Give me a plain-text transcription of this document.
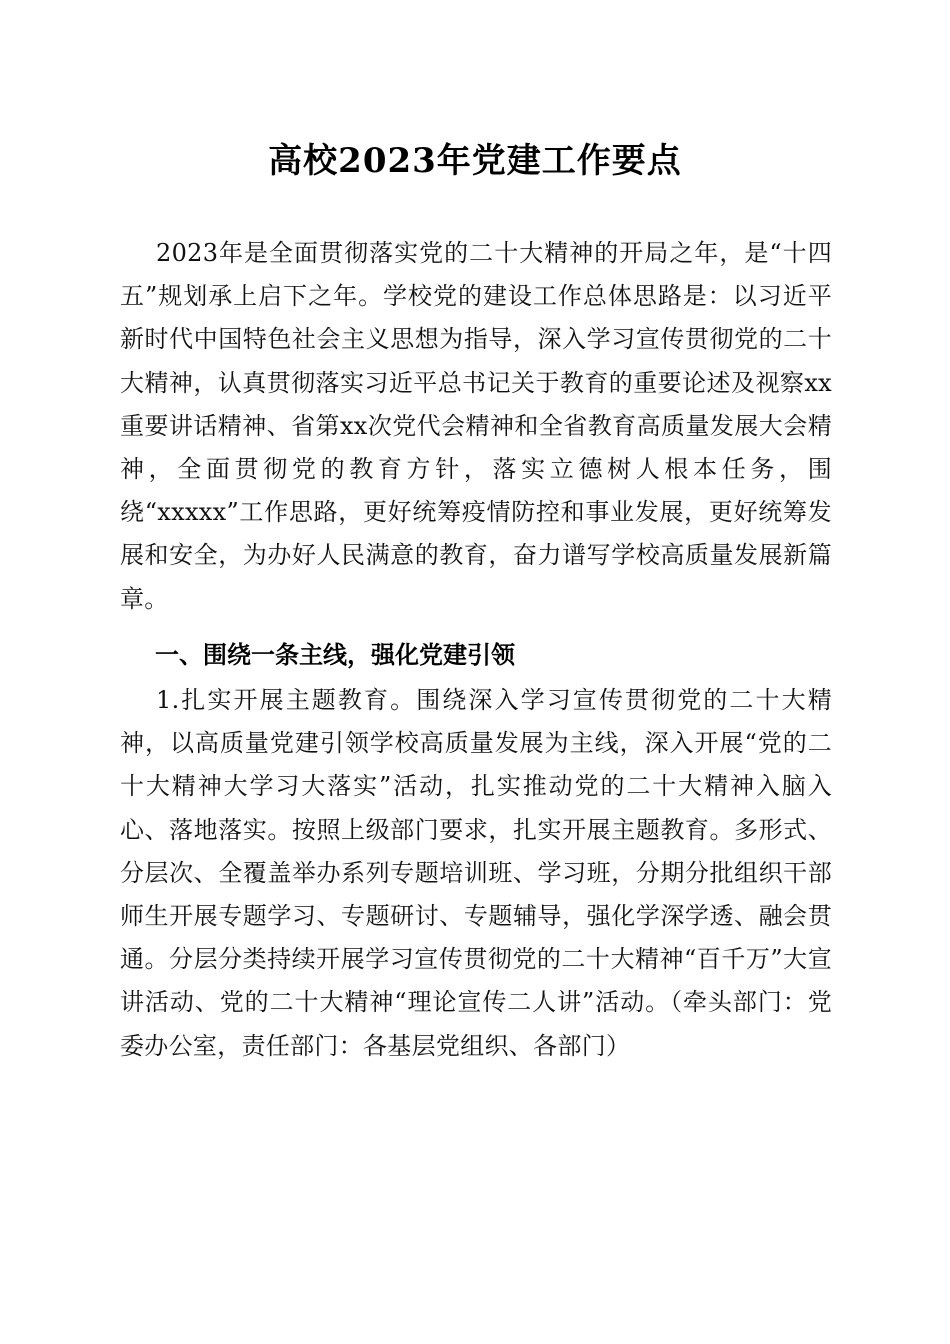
高校2023年党建工作要点
2023年是全面贯彻落实党的二十大精神的开局之年，是“十四五”规划承上启下之年。学校党的建设工作总体思路是：以习近平新时代中国特色社会主义思想为指导，深入学习宣传贯彻党的二十大精神，认真贯彻落实习近平总书记关于教育的重要论述及视察xx重要讲话精神、省第xx次党代会精神和全省教育高质量发展大会精神，全面贯彻党的教育方针，落实立德树人根本任务，围绕“xxxxx”工作思路，更好统筹疫情防控和事业发展，更好统筹发展和安全，为办好人民满意的教育，奋力谱写学校高质量发展新篇章。
一、围绕一条主线，强化党建引领
1.扎实开展主题教育。围绕深入学习宣传贯彻党的二十大精神，以高质量党建引领学校高质量发展为主线，深入开展“党的二十大精神大学习大落实”活动，扎实推动党的二十大精神入脑入心、落地落实。按照上级部门要求，扎实开展主题教育。多形式、分层次、全覆盖举办系列专题培训班、学习班，分期分批组织干部师生开展专题学习、专题研讨、专题辅导，强化学深学透、融会贯通。分层分类持续开展学习宣传贯彻党的二十大精神“百千万”大宣讲活动、党的二十大精神“理论宣传二人讲”活动。（牵头部门：党委办公室，责任部门：各基层党组织、各部门）
